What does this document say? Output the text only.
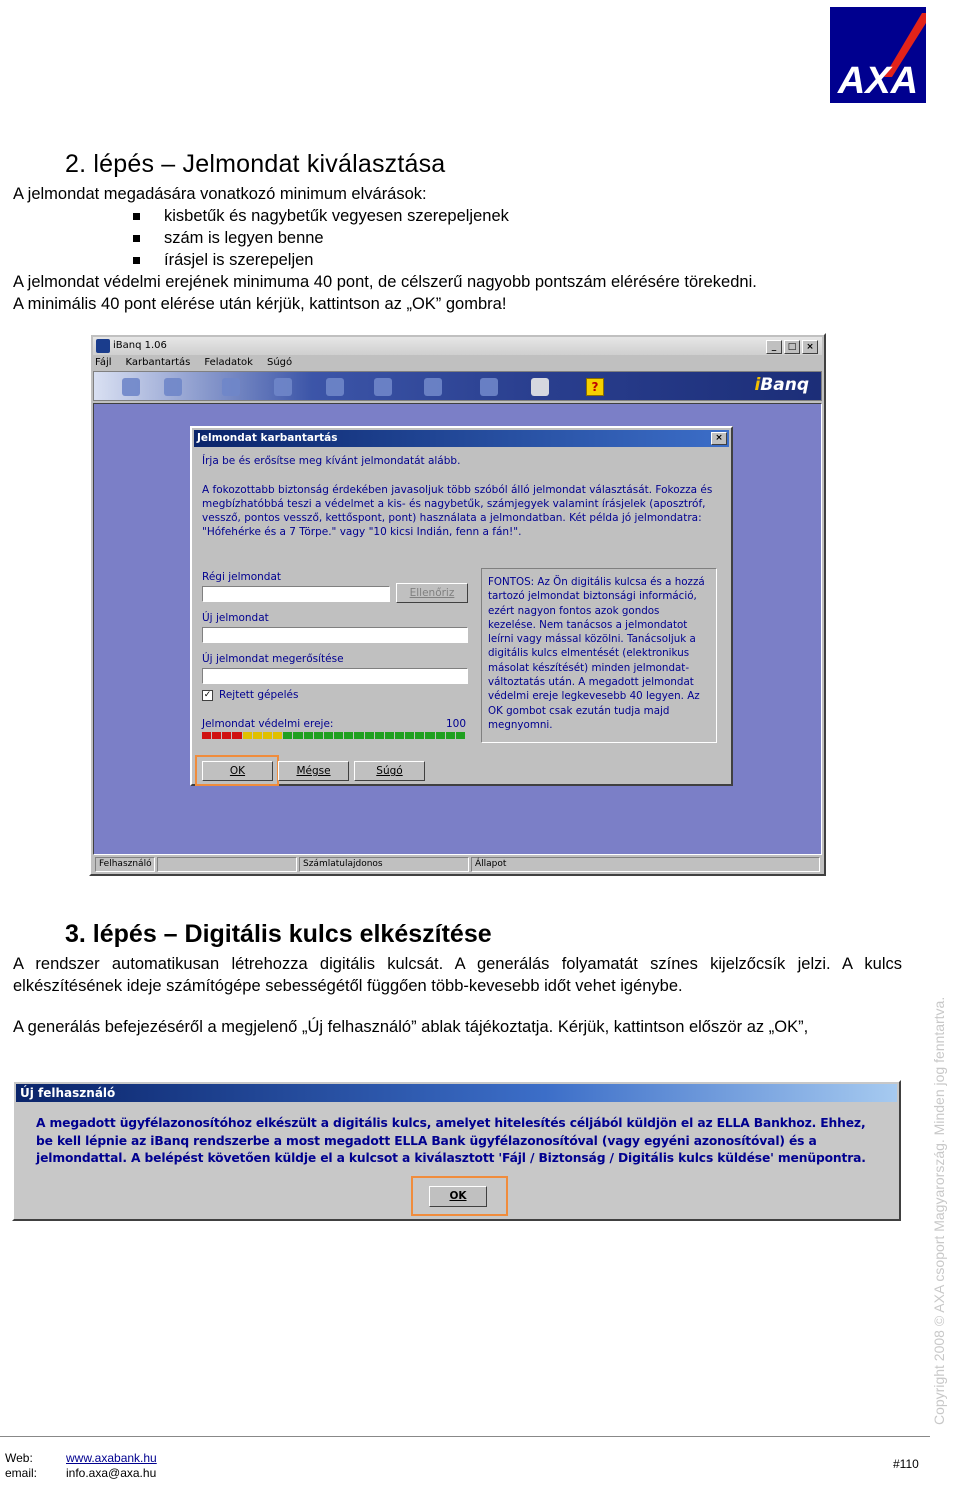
AXA
2. lépés – Jelmondat kiválasztása
A jelmondat megadására vonatkozó minimum elvárások:
kisbetűk és nagybetűk vegyesen szerepeljenek
szám is legyen benne
írásjel is szerepeljen
A jelmondat védelmi erejének minimuma 40 pont, de célszerű nagyobb pontszám elérésére törekedni.
A minimális 40 pont elérése után kérjük, kattintson az „OK” gombra!
iBanq 1.06	_	□	×
Fájl Karbantartás Feladatok Súgó
?	iBanq
Jelmondat karbantartás	×
Írja be és erősítse meg kívánt jelmondatát alább.
A fokozottabb biztonság érdekében javasoljuk több szóból álló jelmondat választását. Fokozza és
megbízhatóbbá teszi a védelmet a kis- és nagybetűk, számjegyek valamint írásjelek (aposztróf,
vessző, pontos vessző, kettőspont, pont) használata a jelmondatban. Két példa jó jelmondatra:
"Hófehérke és a 7 Törpe." vagy "10 kicsi Indián, fenn a fán!".
Régi jelmondat
Ellenőriz
Új jelmondat
Új jelmondat megerősítése
✓ Rejtett gépelés
Jelmondat védelmi ereje:	100
FONTOS: Az Ön digitális kulcsa és a hozzá tartozó jelmondat biztonsági információ, ezért nagyon fontos azok gondos kezelése. Nem tanácsos a jelmondatot leírni vagy mással közölni. Tanácsoljuk a digitális kulcs elmentését (elektronikus másolat készítését) minden jelmondat-változtatás után. A megadott jelmondat védelmi ereje legkevesebb 40 legyen. Az OK gombot csak ezután tudja majd megnyomni.
OK	Mégse	Súgó
Felhasználó	Számlatulajdonos	Állapot
3. lépés – Digitális kulcs elkészítése
A rendszer automatikusan létrehozza digitális kulcsát. A generálás folyamatát színes kijelzőcsík jelzi. A kulcs elkészítésének ideje számítógépe sebességétől függően több-kevesebb időt vehet igénybe.
A generálás befejezéséről a megjelenő „Új felhasználó” ablak tájékoztatja. Kérjük, kattintson először az „OK”,
Új felhasználó
A megadott ügyfélazonosítóhoz elkészült a digitális kulcs, amelyet hitelesítés céljából küldjön el az ELLA Bankhoz. Ehhez, be kell lépnie az iBanq rendszerbe a most megadott ELLA Bank ügyfélazonosítóval (vagy egyéni azonosítóval) és a jelmondattal. A belépést követően küldje el a kulcsot a kiválasztott 'Fájl / Biztonság / Digitális kulcs küldése' menüpontra.
OK	Copyright 2008 © AXA csoport Magyarország. Minden jog fenntartva.
Web:	www.axabank.hu
email: info.axa@axa.hu
#110
